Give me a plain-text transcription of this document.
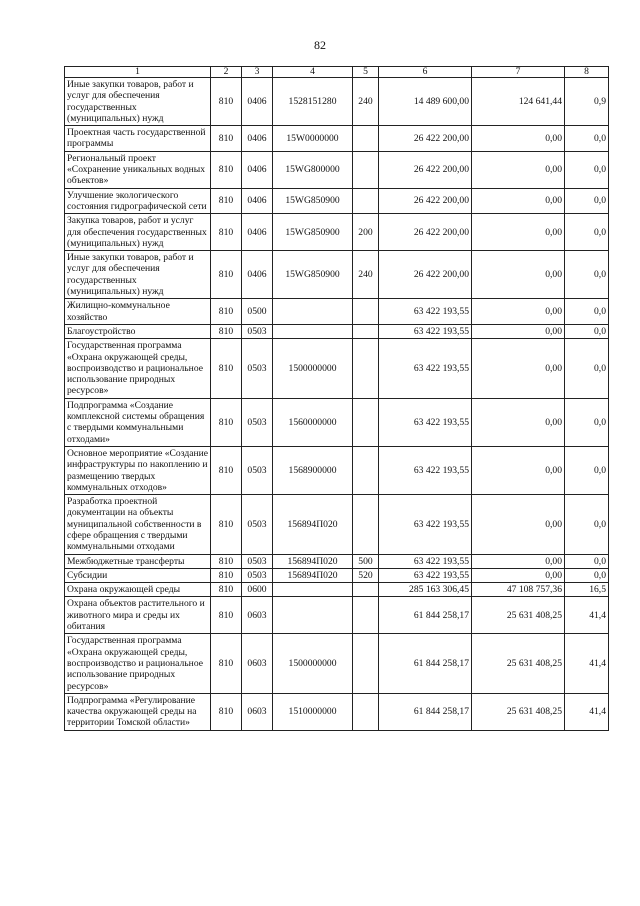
82
1	2	3	4	5	6	7	8
Иные закупки товаров, работ и услуг для обеспечения государственных (муниципальных) нужд	810	0406	1528151280	240	14 489 600,00	124 641,44	0,9
Проектная часть государственной программы	810	0406	15W0000000		26 422 200,00	0,00	0,0
Региональный проект «Сохранение уникальных водных объектов»	810	0406	15WG800000		26 422 200,00	0,00	0,0
Улучшение экологического состояния гидрографической сети	810	0406	15WG850900		26 422 200,00	0,00	0,0
Закупка товаров, работ и услуг для обеспечения государственных (муниципальных) нужд	810	0406	15WG850900	200	26 422 200,00	0,00	0,0
Иные закупки товаров, работ и услуг для обеспечения государственных (муниципальных) нужд	810	0406	15WG850900	240	26 422 200,00	0,00	0,0
Жилищно-коммунальное хозяйство	810	0500			63 422 193,55	0,00	0,0
Благоустройство	810	0503			63 422 193,55	0,00	0,0
Государственная программа «Охрана окружающей среды, воспроизводство и рациональное использование природных ресурсов»	810	0503	1500000000		63 422 193,55	0,00	0,0
Подпрограмма «Создание комплексной системы обращения с твердыми коммунальными отходами»	810	0503	1560000000		63 422 193,55	0,00	0,0
Основное мероприятие «Создание инфраструктуры по накоплению и размещению твердых коммунальных отходов»	810	0503	1568900000		63 422 193,55	0,00	0,0
Разработка проектной документации на объекты муниципальной собственности в сфере обращения с твердыми коммунальными отходами	810	0503	156894П020		63 422 193,55	0,00	0,0
Межбюджетные трансферты	810	0503	156894П020	500	63 422 193,55	0,00	0,0
Субсидии	810	0503	156894П020	520	63 422 193,55	0,00	0,0
Охрана окружающей среды	810	0600			285 163 306,45	47 108 757,36	16,5
Охрана объектов растительного и животного мира и среды их обитания	810	0603			61 844 258,17	25 631 408,25	41,4
Государственная программа «Охрана окружающей среды, воспроизводство и рациональное использование природных ресурсов»	810	0603	1500000000		61 844 258,17	25 631 408,25	41,4
Подпрограмма «Регулирование качества окружающей среды на территории Томской области»	810	0603	1510000000		61 844 258,17	25 631 408,25	41,4
